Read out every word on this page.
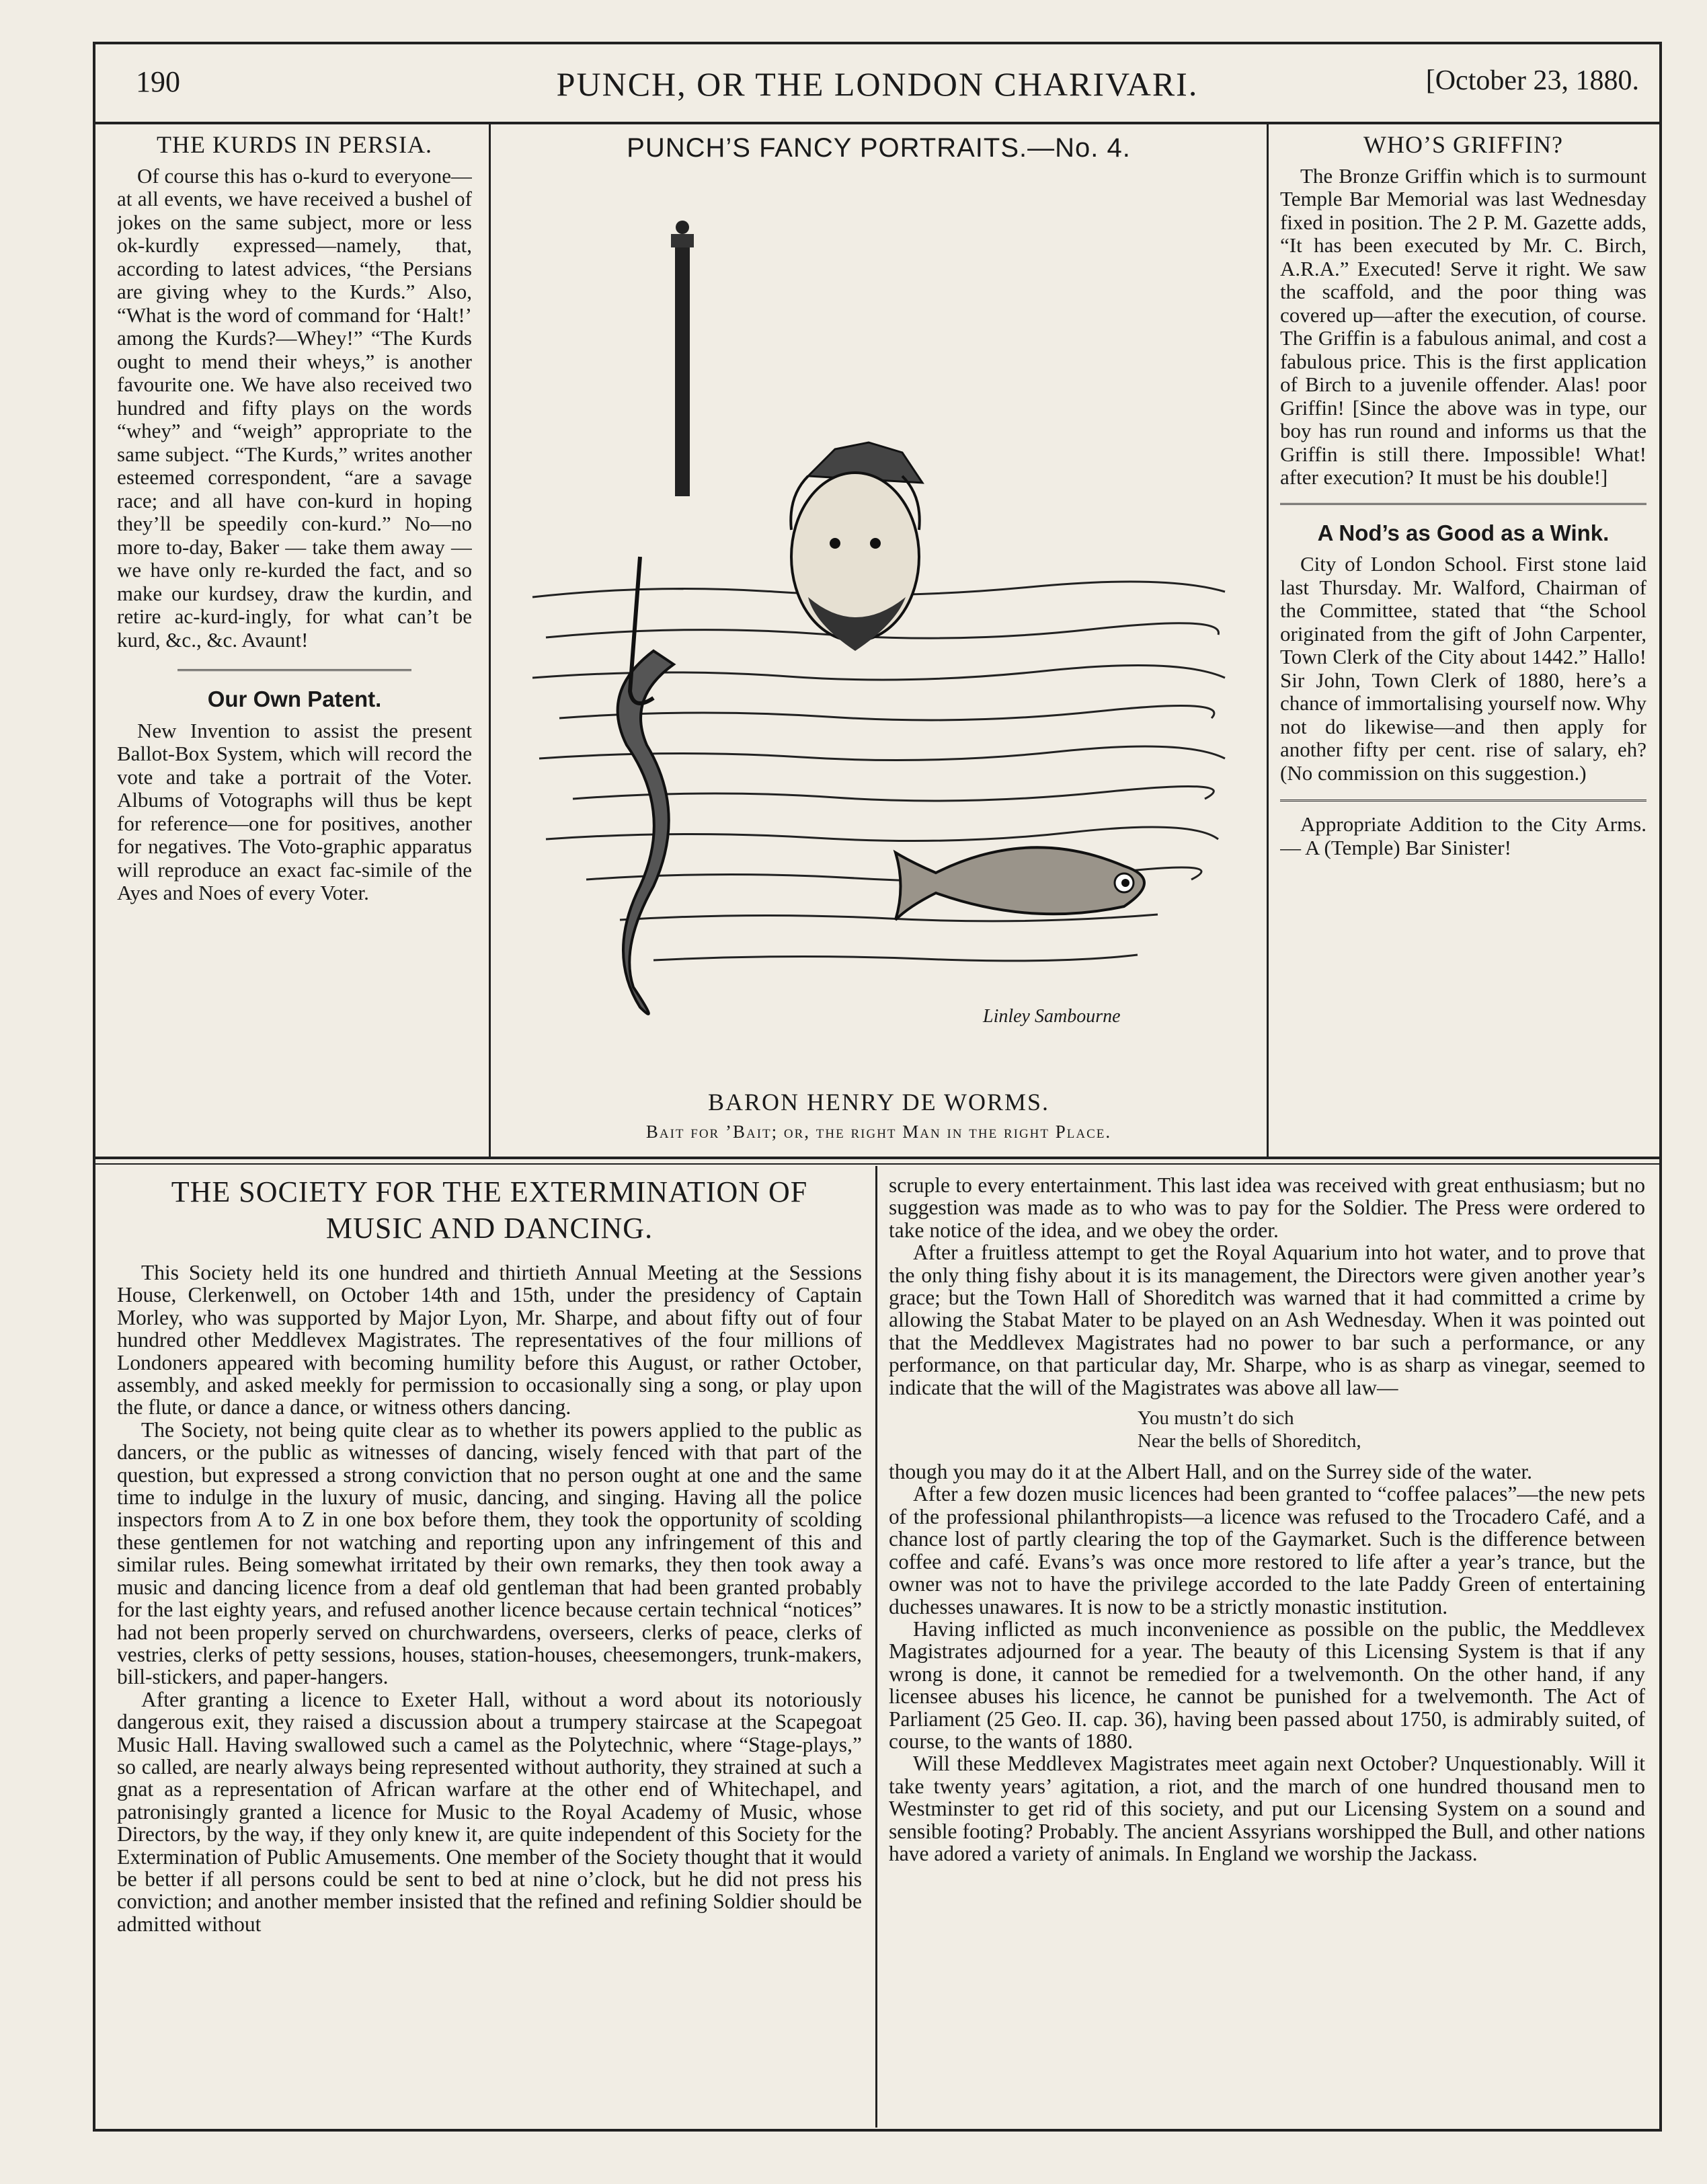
190	PUNCH, OR THE LONDON CHARIVARI.	[October 23, 1880.
THE KURDS IN PERSIA.

Of course this has o-kurd to everyone—at all events, we have received a bushel of jokes on the same subject, more or less ok-kurdly expressed—namely, that, according to latest advices, “the Persians are giving whey to the Kurds.” Also, “What is the word of command for ‘Halt!’ among the Kurds?—Whey!” “The Kurds ought to mend their wheys,” is another favourite one. We have also received two hundred and fifty plays on the words “whey” and “weigh” appropriate to the same subject. “The Kurds,” writes another esteemed correspondent, “are a savage race; and all have con-kurd in hoping they’ll be speedily con-kurd.” No—no more to-day, Baker — take them away — we have only re-kurded the fact, and so make our kurdsey, draw the kurdin, and retire ac-kurd-ingly, for what can’t be kurd, &c., &c. Avaunt!

Our Own Patent.

New Invention to assist the present Ballot-Box System, which will record the vote and take a portrait of the Voter. Albums of Votographs will thus be kept for reference—one for positives, another for negatives. The Voto-graphic apparatus will reproduce an exact fac-simile of the Ayes and Noes of every Voter.

PUNCH’S FANCY PORTRAITS.—No. 4.
Linley Sambourne
BARON HENRY DE WORMS.
Bait for ’Bait; or, the right Man in the right Place.
WHO’S GRIFFIN?

The Bronze Griffin which is to surmount Temple Bar Memorial was last Wednesday fixed in position. The 2 P. M. Gazette adds, “It has been executed by Mr. C. Birch, A.R.A.” Executed! Serve it right. We saw the scaffold, and the poor thing was covered up—after the execution, of course. The Griffin is a fabulous animal, and cost a fabulous price. This is the first application of Birch to a juvenile offender. Alas! poor Griffin! [Since the above was in type, our boy has run round and informs us that the Griffin is still there. Impossible! What! after execution? It must be his double!]

A Nod’s as Good as a Wink.

City of London School. First stone laid last Thursday. Mr. Walford, Chairman of the Committee, stated that “the School originated from the gift of John Carpenter, Town Clerk of the City about 1442.” Hallo! Sir John, Town Clerk of 1880, here’s a chance of immortalising yourself now. Why not do likewise—and then apply for another fifty per cent. rise of salary, eh? (No commission on this suggestion.)

Appropriate Addition to the City Arms. — A (Temple) Bar Sinister!

THE SOCIETY FOR THE EXTERMINATION OF
MUSIC AND DANCING.

This Society held its one hundred and thirtieth Annual Meeting at the Sessions House, Clerkenwell, on October 14th and 15th, under the presidency of Captain Morley, who was supported by Major Lyon, Mr. Sharpe, and about fifty out of four hundred other Meddlevex Magistrates. The representatives of the four millions of Londoners appeared with becoming humility before this August, or rather October, assembly, and asked meekly for permission to occasionally sing a song, or play upon the flute, or dance a dance, or witness others dancing.

The Society, not being quite clear as to whether its powers applied to the public as dancers, or the public as witnesses of dancing, wisely fenced with that part of the question, but expressed a strong conviction that no person ought at one and the same time to indulge in the luxury of music, dancing, and singing. Having all the police inspectors from A to Z in one box before them, they took the opportunity of scolding these gentlemen for not watching and reporting upon any infringement of this and similar rules. Being somewhat irritated by their own remarks, they then took away a music and dancing licence from a deaf old gentleman that had been granted probably for the last eighty years, and refused another licence because certain technical “notices” had not been properly served on churchwardens, overseers, clerks of peace, clerks of vestries, clerks of petty sessions, houses, station-houses, cheesemongers, trunk-makers, bill-stickers, and paper-hangers.

After granting a licence to Exeter Hall, without a word about its notoriously dangerous exit, they raised a discussion about a trumpery staircase at the Scapegoat Music Hall. Having swallowed such a camel as the Polytechnic, where “Stage-plays,” so called, are nearly always being represented without authority, they strained at such a gnat as a representation of African warfare at the other end of Whitechapel, and patronisingly granted a licence for Music to the Royal Academy of Music, whose Directors, by the way, if they only knew it, are quite independent of this Society for the Extermination of Public Amusements. One member of the Society thought that it would be better if all persons could be sent to bed at nine o’clock, but he did not press his conviction; and another member insisted that the refined and refining Soldier should be admitted without

scruple to every entertainment. This last idea was received with great enthusiasm; but no suggestion was made as to who was to pay for the Soldier. The Press were ordered to take notice of the idea, and we obey the order.

After a fruitless attempt to get the Royal Aquarium into hot water, and to prove that the only thing fishy about it is its management, the Directors were given another year’s grace; but the Town Hall of Shoreditch was warned that it had committed a crime by allowing the Stabat Mater to be played on an Ash Wednesday. When it was pointed out that the Meddlevex Magistrates had no power to bar such a performance, or any performance, on that particular day, Mr. Sharpe, who is as sharp as vinegar, seemed to indicate that the will of the Magistrates was above all law—

You mustn’t do sich
Near the bells of Shoreditch,

though you may do it at the Albert Hall, and on the Surrey side of the water.

After a few dozen music licences had been granted to “coffee palaces”—the new pets of the professional philanthropists—a licence was refused to the Trocadero Café, and a chance lost of partly clearing the top of the Gaymarket. Such is the difference between coffee and café. Evans’s was once more restored to life after a year’s trance, but the owner was not to have the privilege accorded to the late Paddy Green of entertaining duchesses unawares. It is now to be a strictly monastic institution.

Having inflicted as much inconvenience as possible on the public, the Meddlevex Magistrates adjourned for a year. The beauty of this Licensing System is that if any wrong is done, it cannot be remedied for a twelvemonth. On the other hand, if any licensee abuses his licence, he cannot be punished for a twelvemonth. The Act of Parliament (25 Geo. II. cap. 36), having been passed about 1750, is admirably suited, of course, to the wants of 1880.

Will these Meddlevex Magistrates meet again next October? Unquestionably. Will it take twenty years’ agitation, a riot, and the march of one hundred thousand men to Westminster to get rid of this society, and put our Licensing System on a sound and sensible footing? Probably. The ancient Assyrians worshipped the Bull, and other nations have adored a variety of animals. In England we worship the Jackass.
